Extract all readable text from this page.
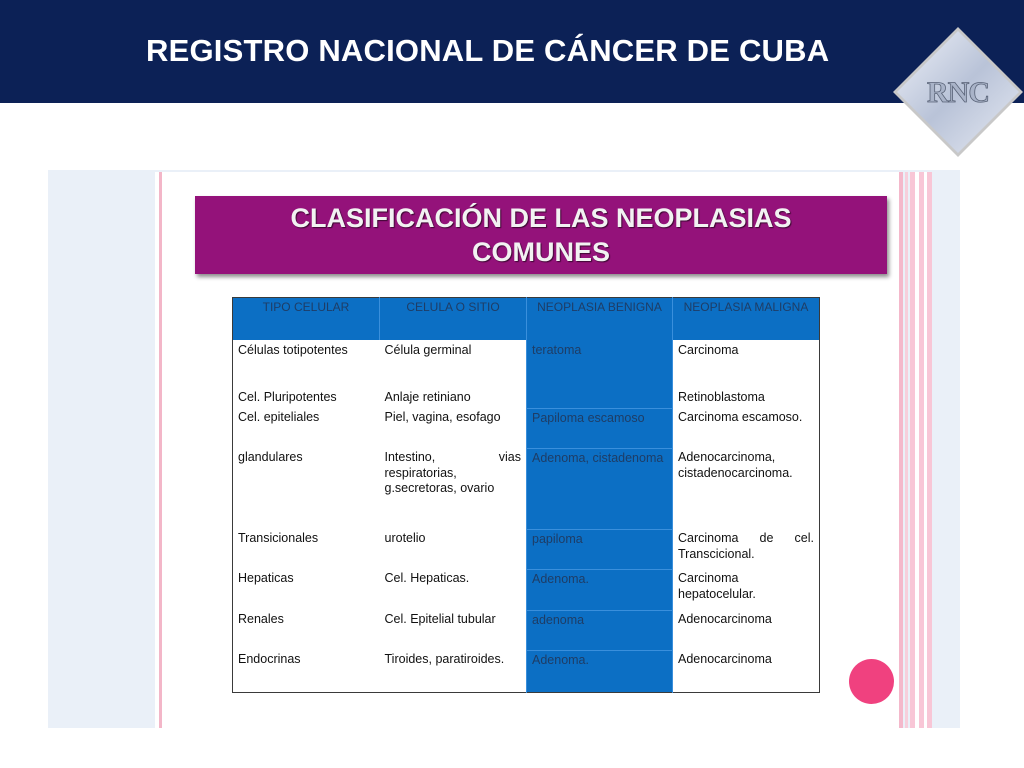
REGISTRO NACIONAL DE CÁNCER DE CUBA
RNC
CLASIFICACIÓN DE LAS NEOPLASIAS
COMUNES
TIPO CELULAR	CELULA O SITIO	NEOPLASIA BENIGNA	NEOPLASIA MALIGNA
Células totipotentes	Célula germinal	teratoma	Carcinoma
Cel. Pluripotentes	Anlaje retiniano		Retinoblastoma
Cel. epiteliales	Piel, vagina, esofago	Papiloma escamoso	Carcinoma escamoso.
glandulares	Intestino, vias respiratorias, g.secretoras, ovario	Adenoma, cistadenoma	Adenocarcinoma, cistadenocarcinoma.
Transicionales	urotelio	papiloma	Carcinoma de cel. Transcicional.
Hepaticas	Cel. Hepaticas.	Adenoma.	Carcinoma hepatocelular.
Renales	Cel. Epitelial tubular	adenoma	Adenocarcinoma
Endocrinas	Tiroides, paratiroides.	Adenoma.	Adenocarcinoma
